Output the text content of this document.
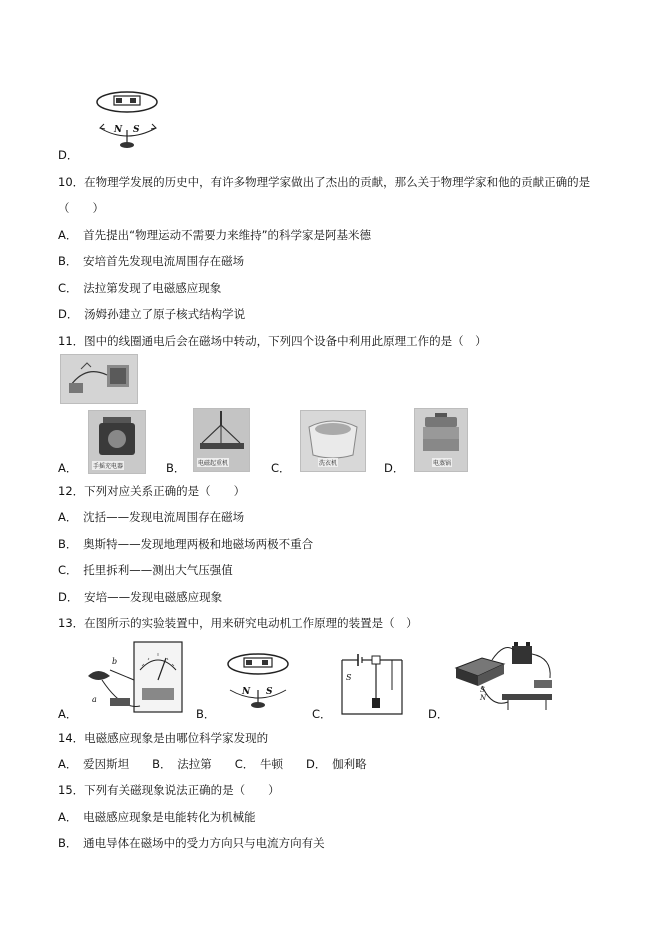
N S
D．
10．在物理学发展的历史中，有许多物理学家做出了杰出的贡献，那么关于物理学家和他的贡献正确的是
（　　）
A．　首先提出“物理运动不需要力来维持”的科学家是阿基米德
B．　安培首先发现电流周围存在磁场
C．　法拉第发现了电磁感应现象
D．　汤姆孙建立了原子核式结构学说
11．图中的线圈通电后会在磁场中转动，下列四个设备中利用此原理工作的是（　）
手摇充电器	电磁起重机	洗衣机	电蒸锅
A．	B．	C．	D．
12．下列对应关系正确的是（　　）
A．　沈括——发现电流周围存在磁场
B．　奥斯特——发现地理两极和地磁场两极不重合
C．　托里拆利——测出大气压强值
D．　安培——发现电磁感应现象
13．在图所示的实验装置中，用来研究电动机工作原理的装置是（　）
b
a
N S
S
S
N
A．	B．	C．	D．
14．电磁感应现象是由哪位科学家发现的
A．　爱因斯坦　　B．　法拉第　　C．　牛顿　　D．　伽利略
15．下列有关磁现象说法正确的是（　　）
A．　电磁感应现象是电能转化为机械能
B．　通电导体在磁场中的受力方向只与电流方向有关
